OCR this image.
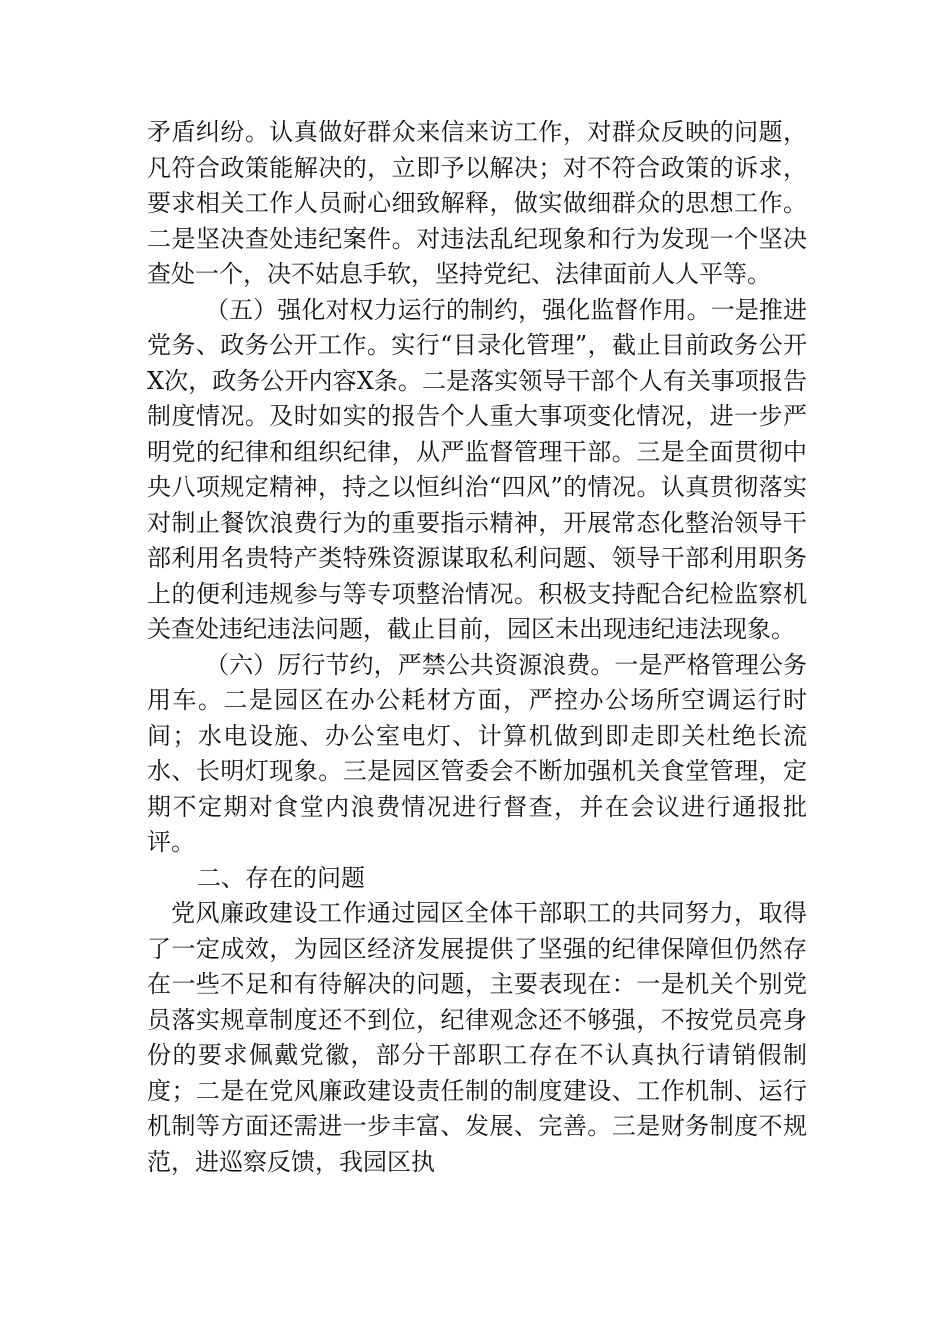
矛盾纠纷。认真做好群众来信来访工作，对群众反映的问题，凡符合政策能解决的，立即予以解决；对不符合政策的诉求，要求相关工作人员耐心细致解释，做实做细群众的思想工作。二是坚决查处违纪案件。对违法乱纪现象和行为发现一个坚决查处一个，决不姑息手软，坚持党纪、法律面前人人平等。

（五）强化对权力运行的制约，强化监督作用。一是推进党务、政务公开工作。实行“目录化管理”，截止目前政务公开X次，政务公开内容X条。二是落实领导干部个人有关事项报告制度情况。及时如实的报告个人重大事项变化情况，进一步严明党的纪律和组织纪律，从严监督管理干部。三是全面贯彻中央八项规定精神，持之以恒纠治“四风”的情况。认真贯彻落实对制止餐饮浪费行为的重要指示精神，开展常态化整治领导干部利用名贵特产类特殊资源谋取私利问题、领导干部利用职务上的便利违规参与等专项整治情况。积极支持配合纪检监察机关查处违纪违法问题，截止目前，园区未出现违纪违法现象。

（六）厉行节约，严禁公共资源浪费。一是严格管理公务用车。二是园区在办公耗材方面，严控办公场所空调运行时间；水电设施、办公室电灯、计算机做到即走即关杜绝长流水、长明灯现象。三是园区管委会不断加强机关食堂管理，定期不定期对食堂内浪费情况进行督查，并在会议进行通报批评。

二、存在的问题

党风廉政建设工作通过园区全体干部职工的共同努力，取得了一定成效，为园区经济发展提供了坚强的纪律保障但仍然存在一些不足和有待解决的问题，主要表现在：一是机关个别党员落实规章制度还不到位，纪律观念还不够强，不按党员亮身份的要求佩戴党徽，部分干部职工存在不认真执行请销假制度；二是在党风廉政建设责任制的制度建设、工作机制、运行机制等方面还需进一步丰富、发展、完善。三是财务制度不规范，进巡察反馈，我园区执
